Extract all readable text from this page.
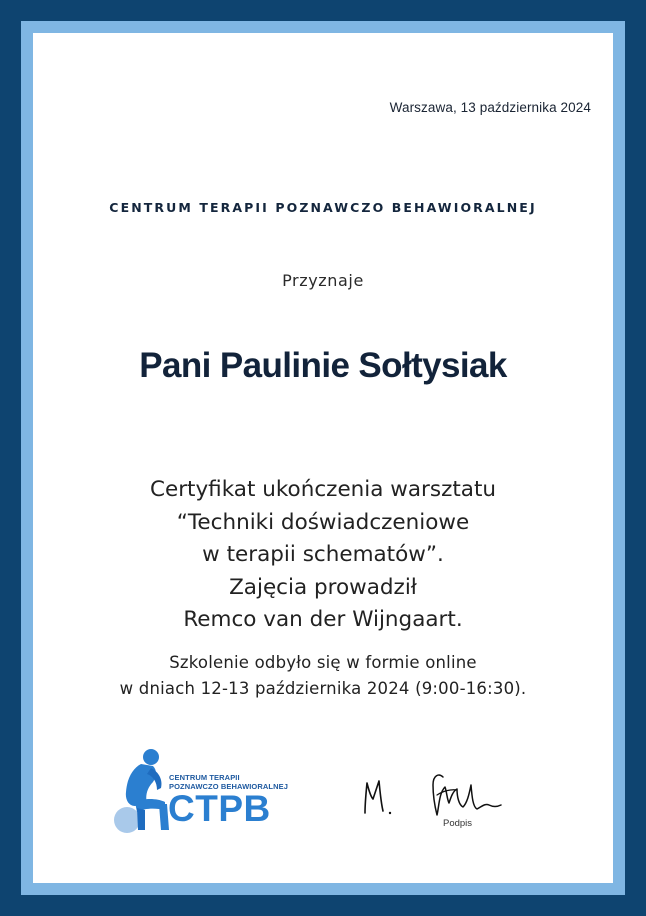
Warszawa, 13 października 2024
CENTRUM TERAPII POZNAWCZO BEHAWIORALNEJ
Przyznaje
Pani Paulinie Sołtysiak
Certyfikat ukończenia warsztatu
“Techniki doświadczeniowe
w terapii schematów”.
Zajęcia prowadził
Remco van der Wijngaart.
Szkolenie odbyło się w formie online
w dniach 12-13 października 2024 (9:00-16:30).
CENTRUM TERAPII
POZNAWCZO BEHAWIORALNEJ
CTPB	Podpis
